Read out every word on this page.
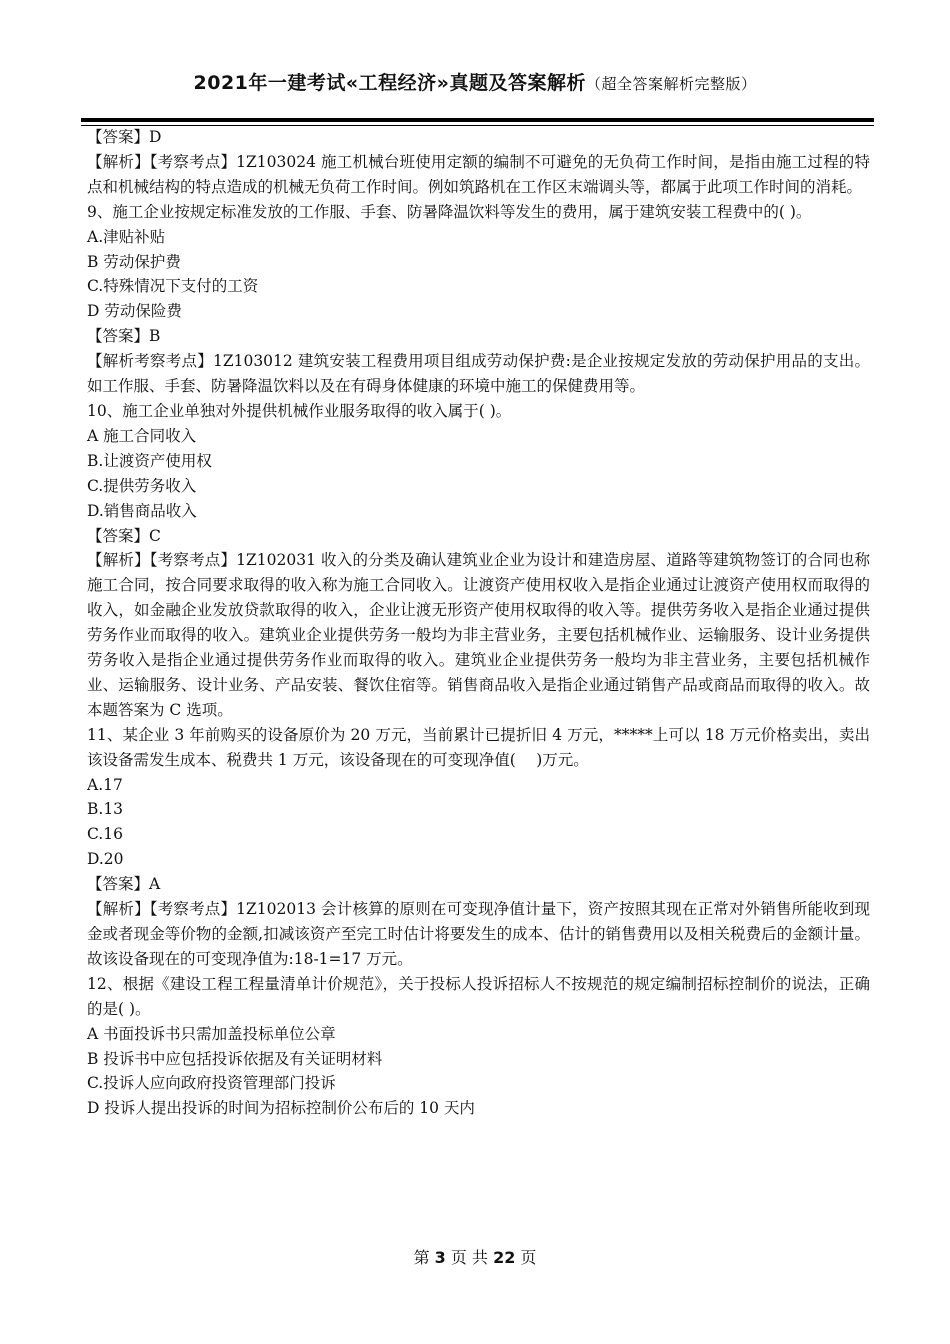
2021年一建考试«工程经济»真题及答案解析（超全答案解析完整版）

【答案】D

【解析】【考察考点】1Z103024 施工机械台班使用定额的编制不可避免的无负荷工作时间，是指由施工过程的特点和机械结构的特点造成的机械无负荷工作时间。例如筑路机在工作区末端调头等，都属于此项工作时间的消耗。

9、施工企业按规定标准发放的工作服、手套、防暑降温饮料等发生的费用，属于建筑安装工程费中的( )。

A.津贴补贴

B 劳动保护费

C.特殊情况下支付的工资

D 劳动保险费

【答案】B

【解析考察考点】1Z103012 建筑安装工程费用项目组成劳动保护费:是企业按规定发放的劳动保护用品的支出。如工作服、手套、防暑降温饮料以及在有碍身体健康的环境中施工的保健费用等。

10、施工企业单独对外提供机械作业服务取得的收入属于( )。

A 施工合同收入

B.让渡资产使用权

C.提供劳务收入

D.销售商品收入

【答案】C

【解析】【考察考点】1Z102031 收入的分类及确认建筑业企业为设计和建造房屋、道路等建筑物签订的合同也称施工合同，按合同要求取得的收入称为施工合同收入。让渡资产使用权收入是指企业通过让渡资产使用权而取得的收入，如金融企业发放贷款取得的收入，企业让渡无形资产使用权取得的收入等。提供劳务收入是指企业通过提供劳务作业而取得的收入。建筑业企业提供劳务一般均为非主营业务，主要包括机械作业、运输服务、设计业务提供劳务收入是指企业通过提供劳务作业而取得的收入。建筑业企业提供劳务一般均为非主营业务，主要包括机械作业、运输服务、设计业务、产品安装、餐饮住宿等。销售商品收入是指企业通过销售产品或商品而取得的收入。故本题答案为 C 选项。

11、某企业 3 年前购买的设备原价为 20 万元，当前累计已提折旧 4 万元，*****上可以 18 万元价格卖出，卖出该设备需发生成本、税费共 1 万元，该设备现在的可变现净值(　 )万元。

A.17

B.13

C.16

D.20

【答案】A

【解析】【考察考点】1Z102013 会计核算的原则在可变现净值计量下，资产按照其现在正常对外销售所能收到现金或者现金等价物的金额,扣减该资产至完工时估计将要发生的成本、估计的销售费用以及相关税费后的金额计量。故该设备现在的可变现净值为:18-1=17 万元。

12、根据《建设工程工程量清单计价规范》，关于投标人投诉招标人不按规范的规定编制招标控制价的说法，正确的是( )。

A 书面投诉书只需加盖投标单位公章

B 投诉书中应包括投诉依据及有关证明材料

C.投诉人应向政府投资管理部门投诉

D 投诉人提出投诉的时间为招标控制价公布后的 10 天内

第 3 页 共 22 页
